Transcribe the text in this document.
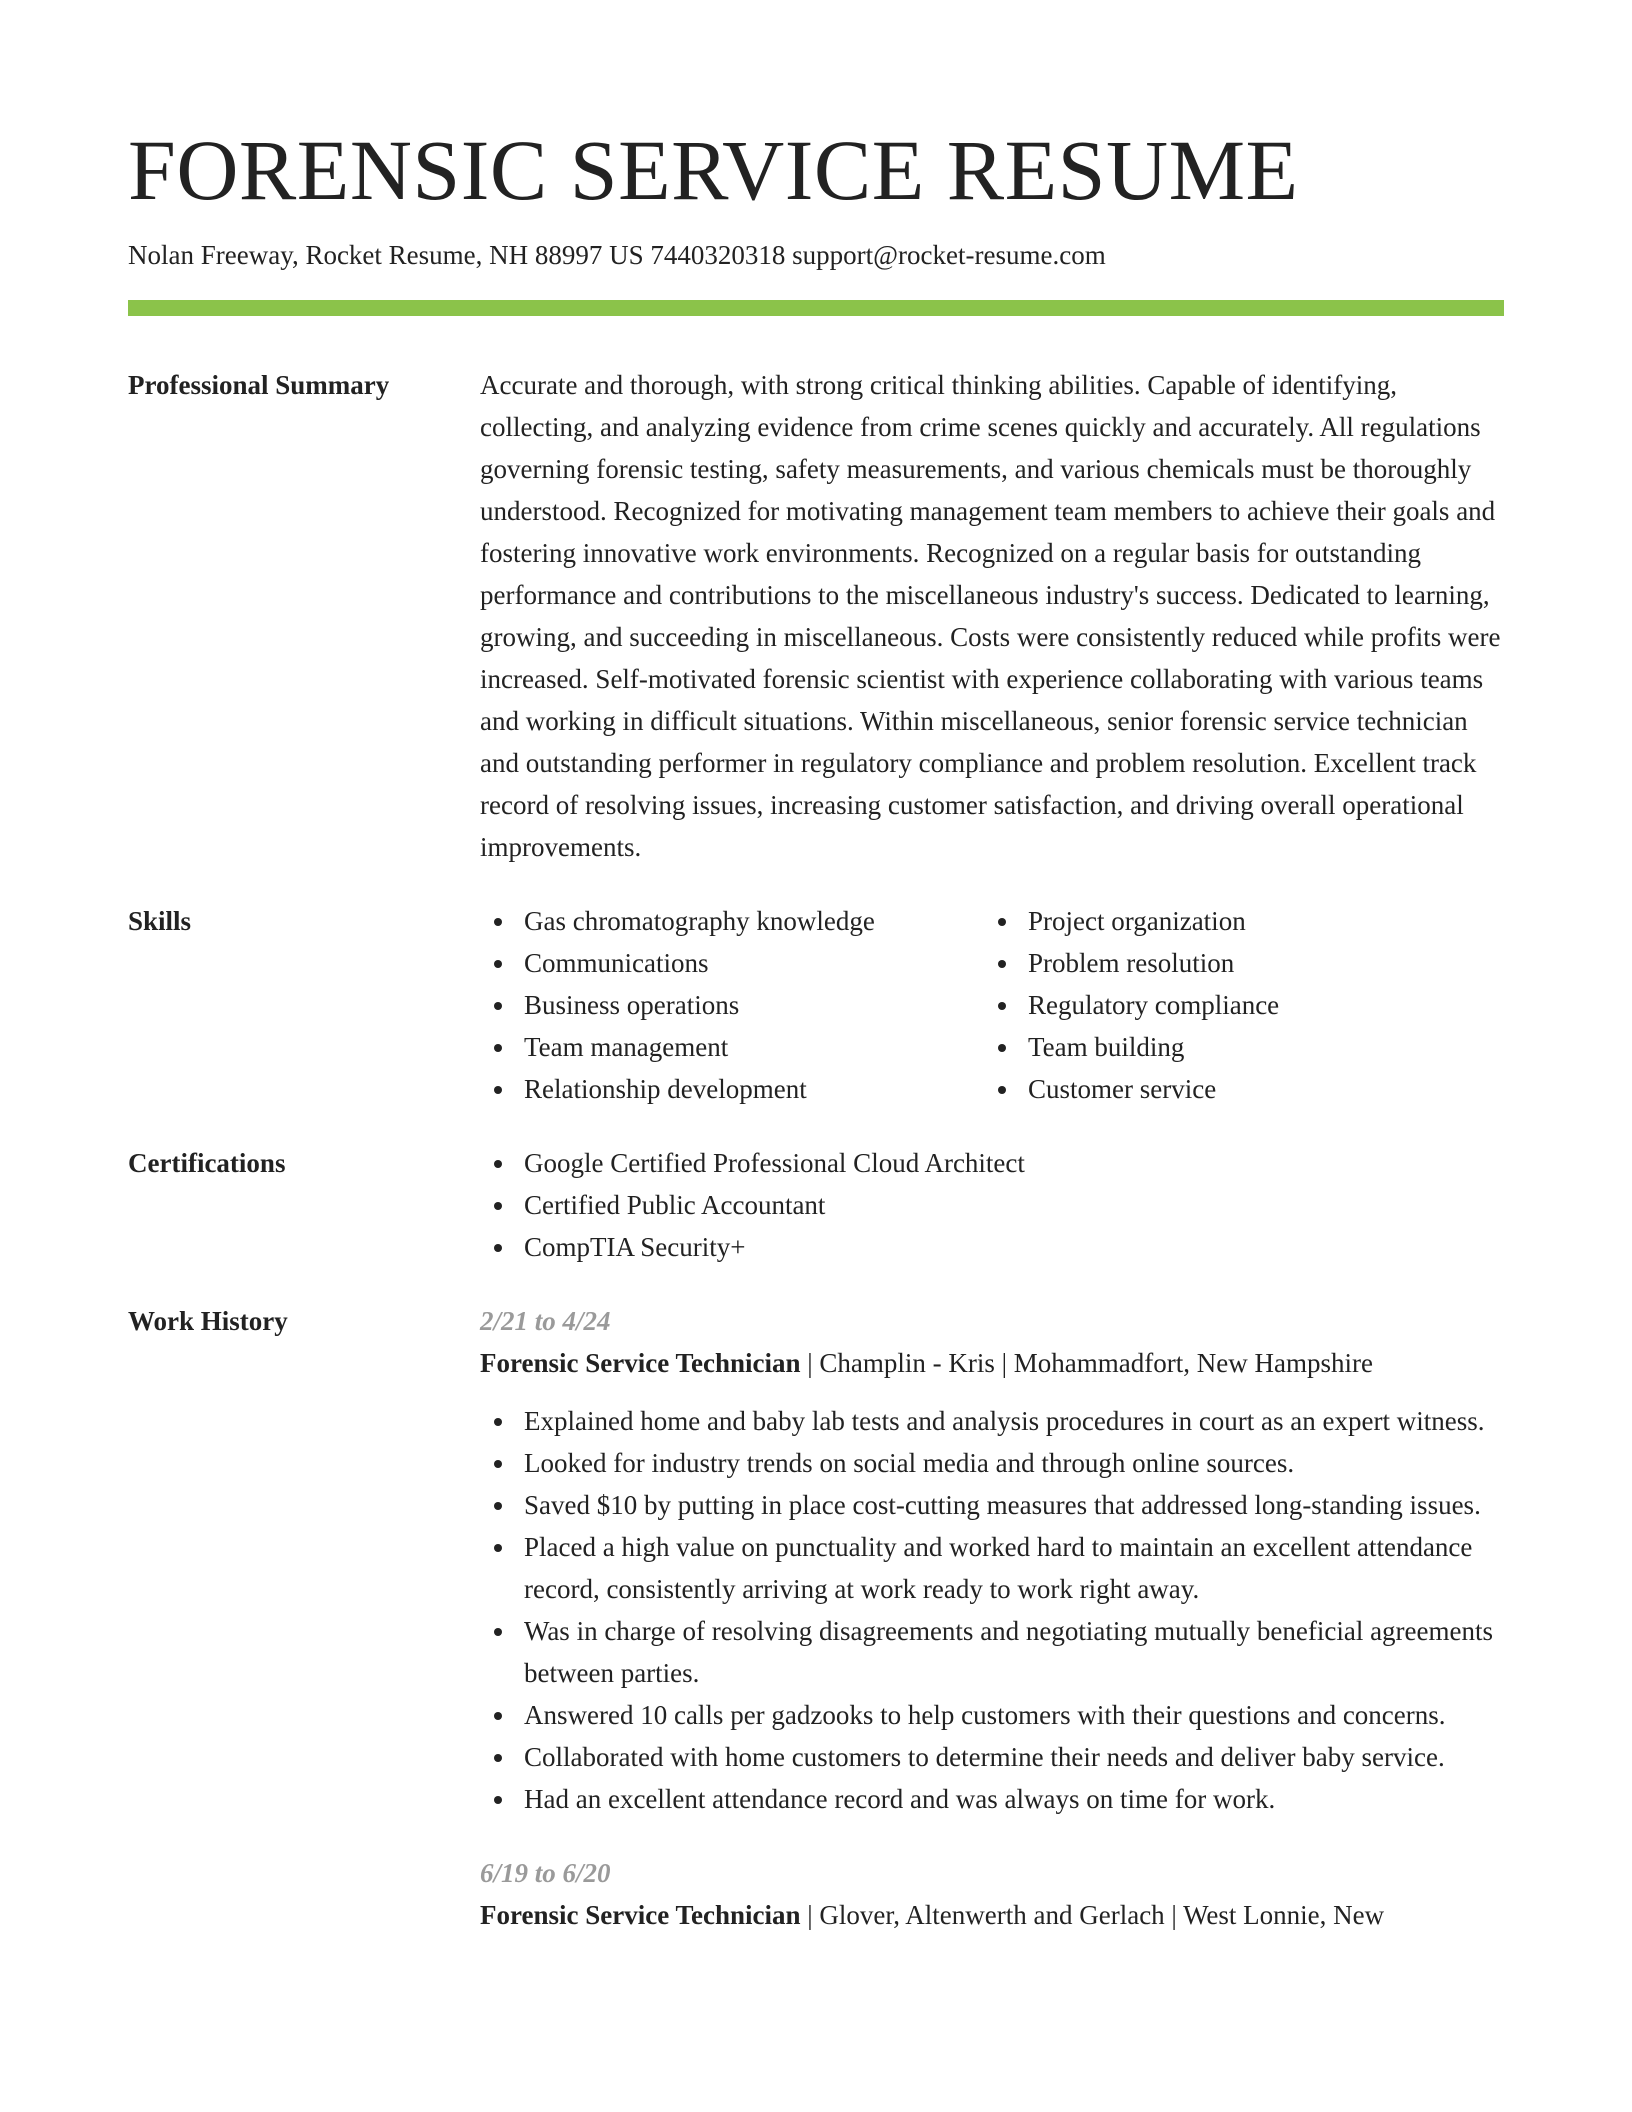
FORENSIC SERVICE RESUME
Nolan Freeway, Rocket Resume, NH 88997 US 7440320318 support@rocket-resume.com
Professional Summary	Accurate and thorough, with strong critical thinking abilities. Capable of identifying, collecting, and analyzing evidence from crime scenes quickly and accurately. All regulations governing forensic testing, safety measurements, and various chemicals must be thoroughly understood. Recognized for motivating management team members to achieve their goals and fostering innovative work environments. Recognized on a regular basis for outstanding performance and contributions to the miscellaneous industry's success. Dedicated to learning, growing, and succeeding in miscellaneous. Costs were consistently reduced while profits were increased. Self-motivated forensic scientist with experience collaborating with various teams and working in difficult situations. Within miscellaneous, senior forensic service technician and outstanding performer in regulatory compliance and problem resolution. Excellent track record of resolving issues, increasing customer satisfaction, and driving overall operational improvements.

Skills	Gas chromatography knowledge
Communications
Business operations
Team management
Relationship development
Project organization
Problem resolution
Regulatory compliance
Team building
Customer service
Certifications	Google Certified Professional Cloud Architect
Certified Public Accountant
CompTIA Security+
Work History	2/21 to 4/24
Forensic Service Technician | Champlin - Kris | Mohammadfort, New Hampshire
Explained home and baby lab tests and analysis procedures in court as an expert witness.
Looked for industry trends on social media and through online sources.
Saved $10 by putting in place cost-cutting measures that addressed long-standing issues.
Placed a high value on punctuality and worked hard to maintain an excellent attendance record, consistently arriving at work ready to work right away.
Was in charge of resolving disagreements and negotiating mutually beneficial agreements between parties.
Answered 10 calls per gadzooks to help customers with their questions and concerns.
Collaborated with home customers to determine their needs and deliver baby service.
Had an excellent attendance record and was always on time for work.
6/19 to 6/20
Forensic Service Technician | Glover, Altenwerth and Gerlach | West Lonnie, New
